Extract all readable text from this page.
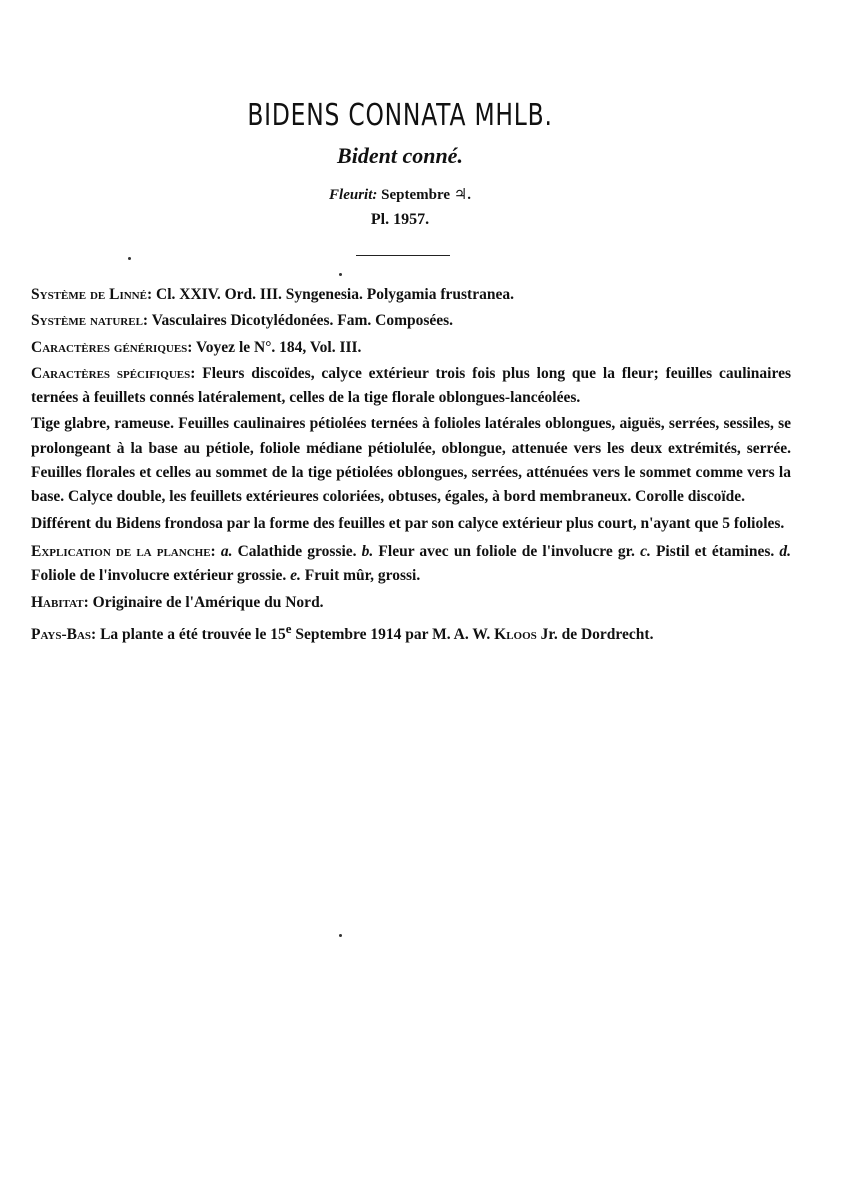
BIDENS CONNATA MHLB.
Bident conné.
Fleurit: Septembre ♃.
Pl. 1957.

Système de Linné: Cl. XXIV. Ord. III. Syngenesia. Polygamia frustranea.

Système naturel: Vasculaires Dicotylédonées. Fam. Composées.

Caractères génériques: Voyez le N°. 184, Vol. III.

Caractères spécifiques: Fleurs discoïdes, calyce extérieur trois fois plus long que la fleur; feuilles caulinaires ternées à feuillets connés latéralement, celles de la tige florale oblongues-lancéolées.

Tige glabre, rameuse. Feuilles caulinaires pétiolées ternées à folioles latérales oblongues, aiguës, serrées, sessiles, se prolongeant à la base au pétiole, foliole médiane pétiolulée, oblongue, attenuée vers les deux extrémités, serrée. Feuilles florales et celles au sommet de la tige pétiolées oblongues, serrées, atténuées vers le sommet comme vers la base. Calyce double, les feuillets extérieures coloriées, obtuses, égales, à bord membraneux. Corolle discoïde.

Différent du Bidens frondosa par la forme des feuilles et par son calyce extérieur plus court, n'ayant que 5 folioles.

Explication de la planche: a. Calathide grossie. b. Fleur avec un foliole de l'involucre gr. c. Pistil et étamines. d. Foliole de l'involucre extérieur grossie. e. Fruit mûr, grossi.

Habitat: Originaire de l'Amérique du Nord.

Pays-Bas: La plante a été trouvée le 15e Septembre 1914 par M. A. W. Kloos Jr. de Dordrecht.
